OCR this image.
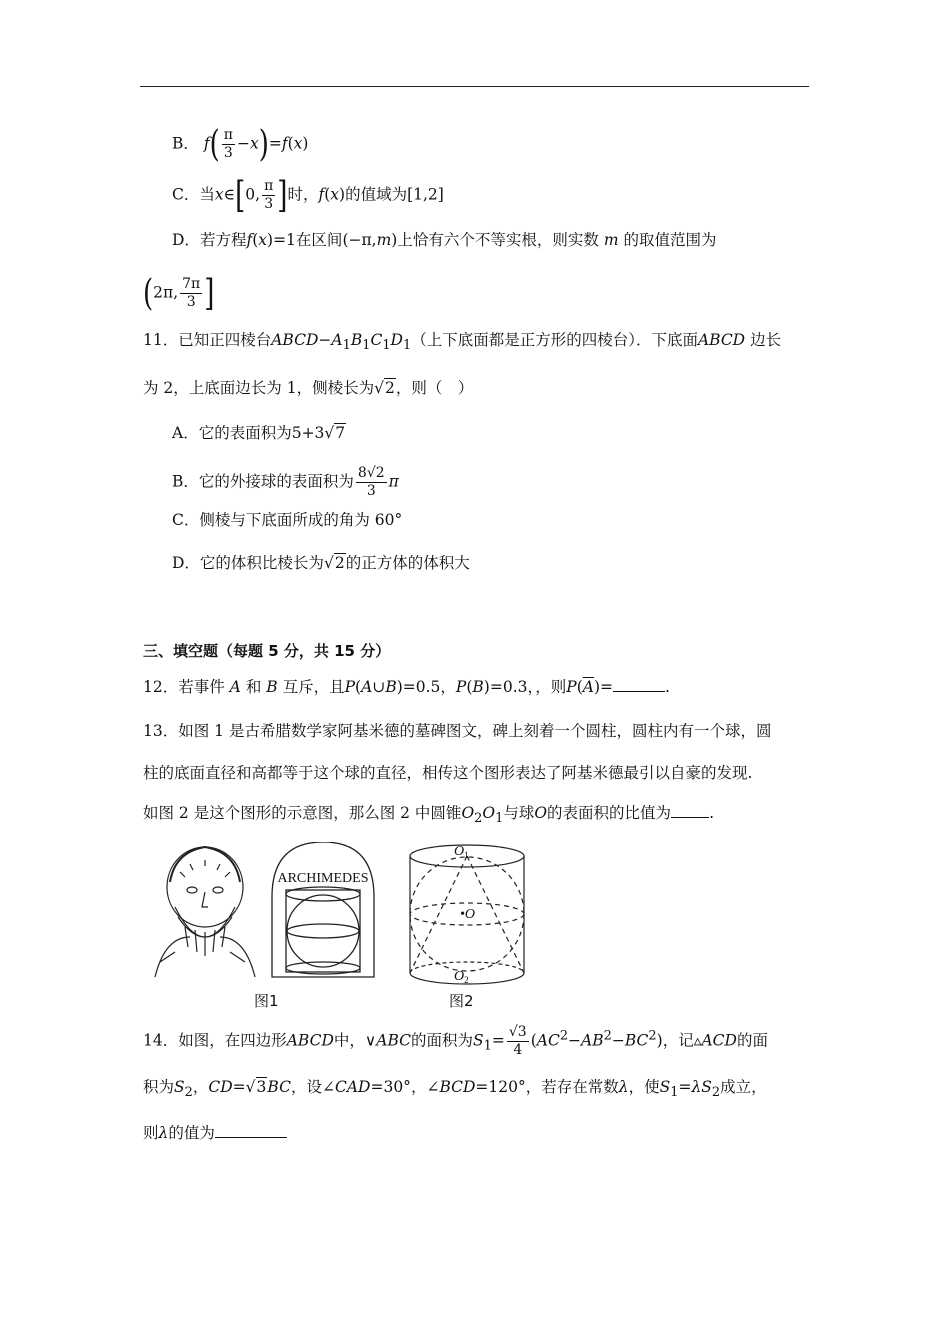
B． $f( \frac{\pi}{3} -x)=f(x)$
C．当x∈[0, $\frac{\pi}{3}$ ]时，f(x)的值域为[1,2]
D．若方程f(x)=1在区间(−π,m)上恰有六个不等实根，则实数 m 的取值范围为
(2π, $\frac{7\pi}{3}$ ]
11．已知正四棱台$ABCD-A_1B_1C_1D_1$（上下底面都是正方形的四棱台）．下底面ABCD 边长
为 2，上底面边长为 1，侧棱长为√2，则（　）
A．它的表面积为5+3√7
B．它的外接球的表面积为 $\frac{8√2}{3}$ π
C．侧棱与下底面所成的角为 60°
D．它的体积比棱长为√2的正方体的体积大
三、填空题（每题 5 分，共 15 分）
12．若事件 A 和 B 互斥，且P(A∪B)=0.5，P(B)=0.3，，则$P(\overline{A})=$	.
13．如图 1 是古希腊数学家阿基米德的墓碑图文，碑上刻着一个圆柱，圆柱内有一个球，圆
柱的底面直径和高都等于这个球的直径，相传这个图形表达了阿基米德最引以自豪的发现.
如图 2 是这个图形的示意图，那么图 2 中圆锥$O_2O_1$与球O的表面积的比值为 .
ARCHIMEDES
图1
$O_1$
•O
$O_2$
图2
14．如图，在四边形ABCD中，∨ABC的面积为$S_1= \frac{√3}{4} (AC^2-AB^2-BC^2)$，记▵ACD的面
积为$S_2$，CD=√3BC，设∠CAD=30°，∠BCD=120°，若存在常数λ，使$S_1=\lambda S_2$成立，
则λ的值为
